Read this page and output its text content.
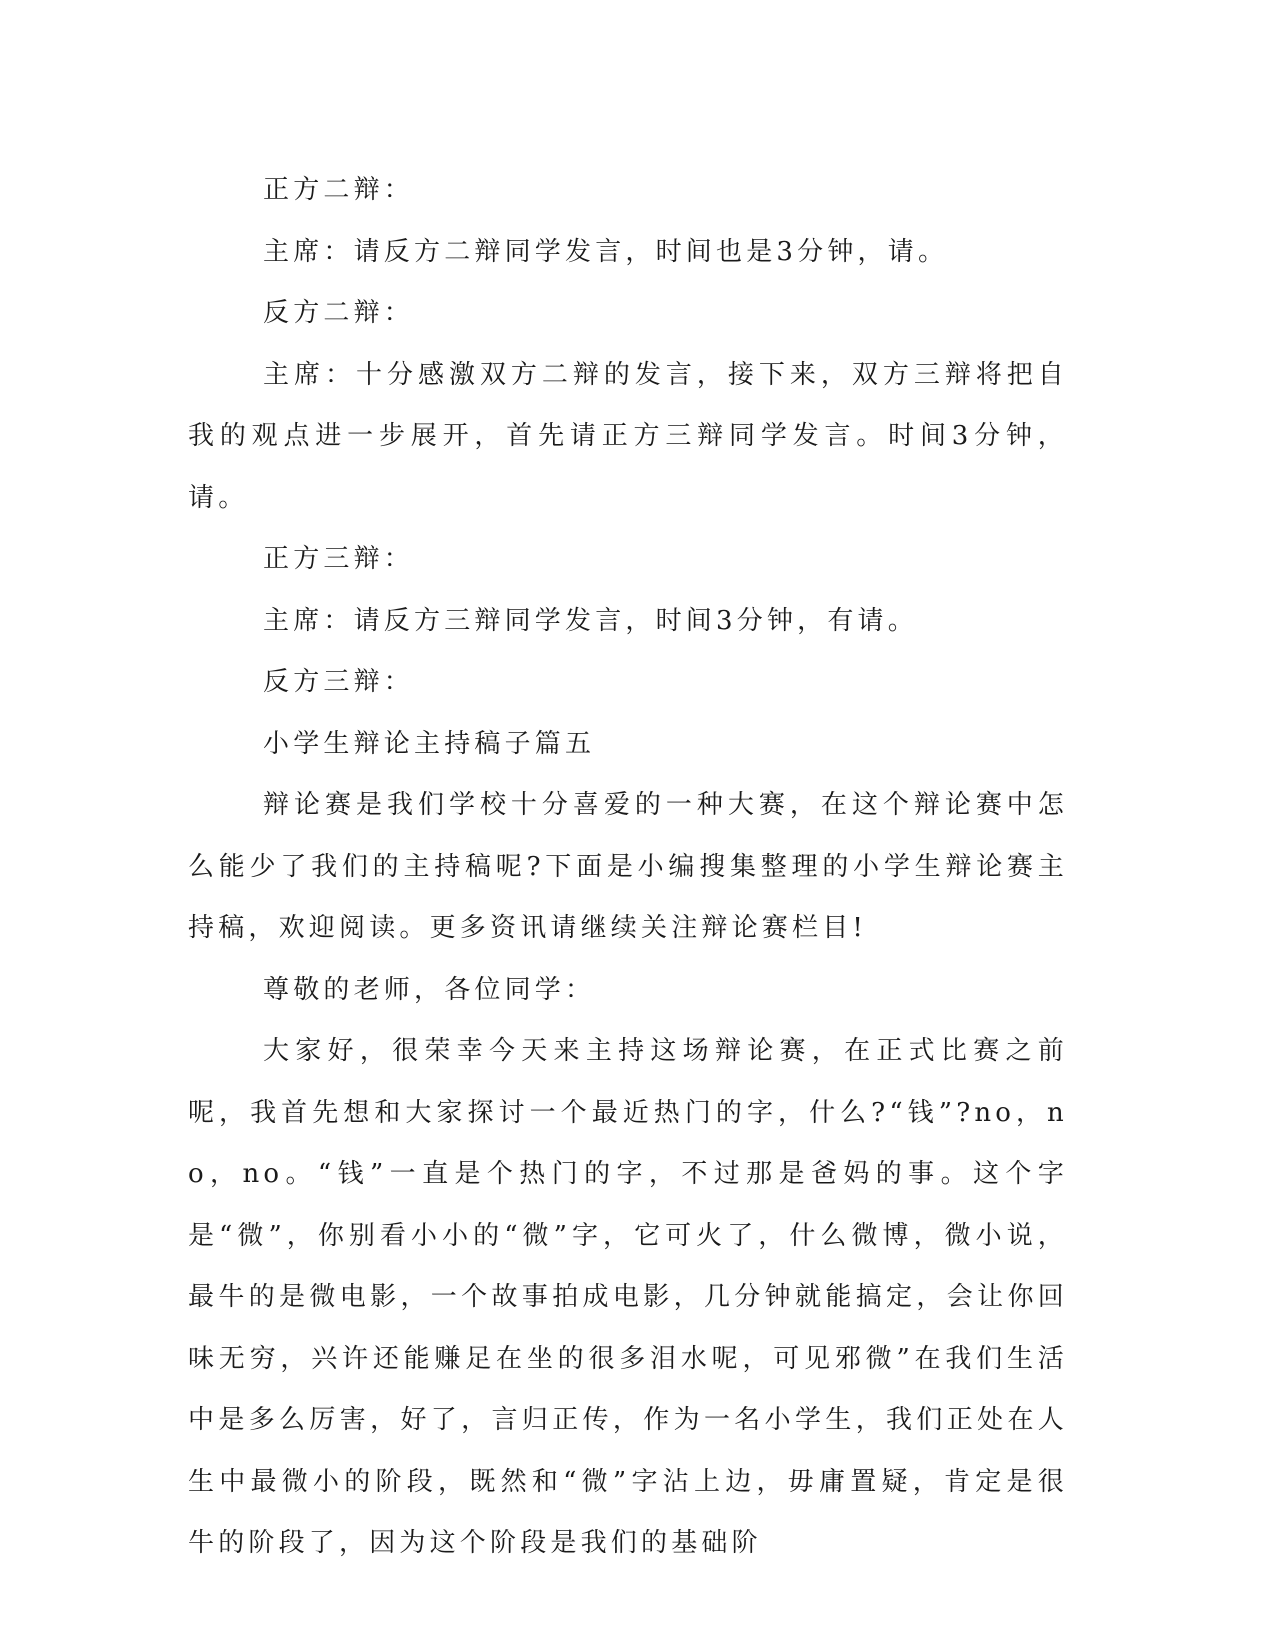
正方二辩：

主席：请反方二辩同学发言，时间也是3分钟，请。

反方二辩：

主席：十分感激双方二辩的发言，接下来，双方三辩将把自我的观点进一步展开，首先请正方三辩同学发言。时间3分钟，请。

正方三辩：

主席：请反方三辩同学发言，时间3分钟，有请。

反方三辩：

小学生辩论主持稿子篇五

辩论赛是我们学校十分喜爱的一种大赛，在这个辩论赛中怎么能少了我们的主持稿呢?下面是小编搜集整理的小学生辩论赛主持稿，欢迎阅读。更多资讯请继续关注辩论赛栏目!

尊敬的老师，各位同学：

大家好，很荣幸今天来主持这场辩论赛，在正式比赛之前呢，我首先想和大家探讨一个最近热门的字，什么?“钱”?no，no，no。“钱”一直是个热门的字，不过那是爸妈的事。这个字是“微”，你别看小小的“微”字，它可火了，什么微博，微小说，最牛的是微电影，一个故事拍成电影，几分钟就能搞定，会让你回味无穷，兴许还能赚足在坐的很多泪水呢，可见邪微”在我们生活中是多么厉害，好了，言归正传，作为一名小学生，我们正处在人生中最微小的阶段，既然和“微”字沾上边，毋庸置疑，肯定是很牛的阶段了，因为这个阶段是我们的基础阶
